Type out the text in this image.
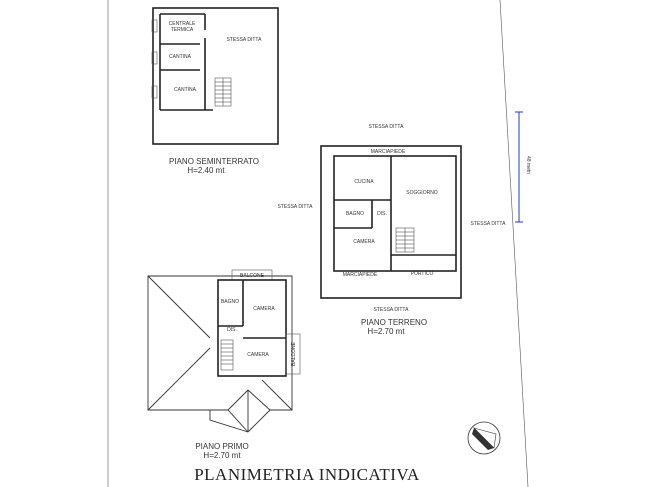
48 metri
CENTRALE
TERMICA
CANTINA
CANTINA
STESSA DITTA
PIANO SEMINTERRATO
H=2.40 mt
MARCIAPIEDE
CUCINA
SOGGIORNO
BAGNO	DIS.
CAMERA
PORTICO
MARCIAPIEDE
PIANO TERRENO
H=2.70 mt
STESSA DITTA
STESSA DITTA
STESSA DITTA
STESSA DITTA
BALCONE
BAGNO
CAMERA
DIS.
CAMERA	BALCONE
PIANO PRIMO
H=2.70 mt
PLANIMETRIA INDICATIVA
